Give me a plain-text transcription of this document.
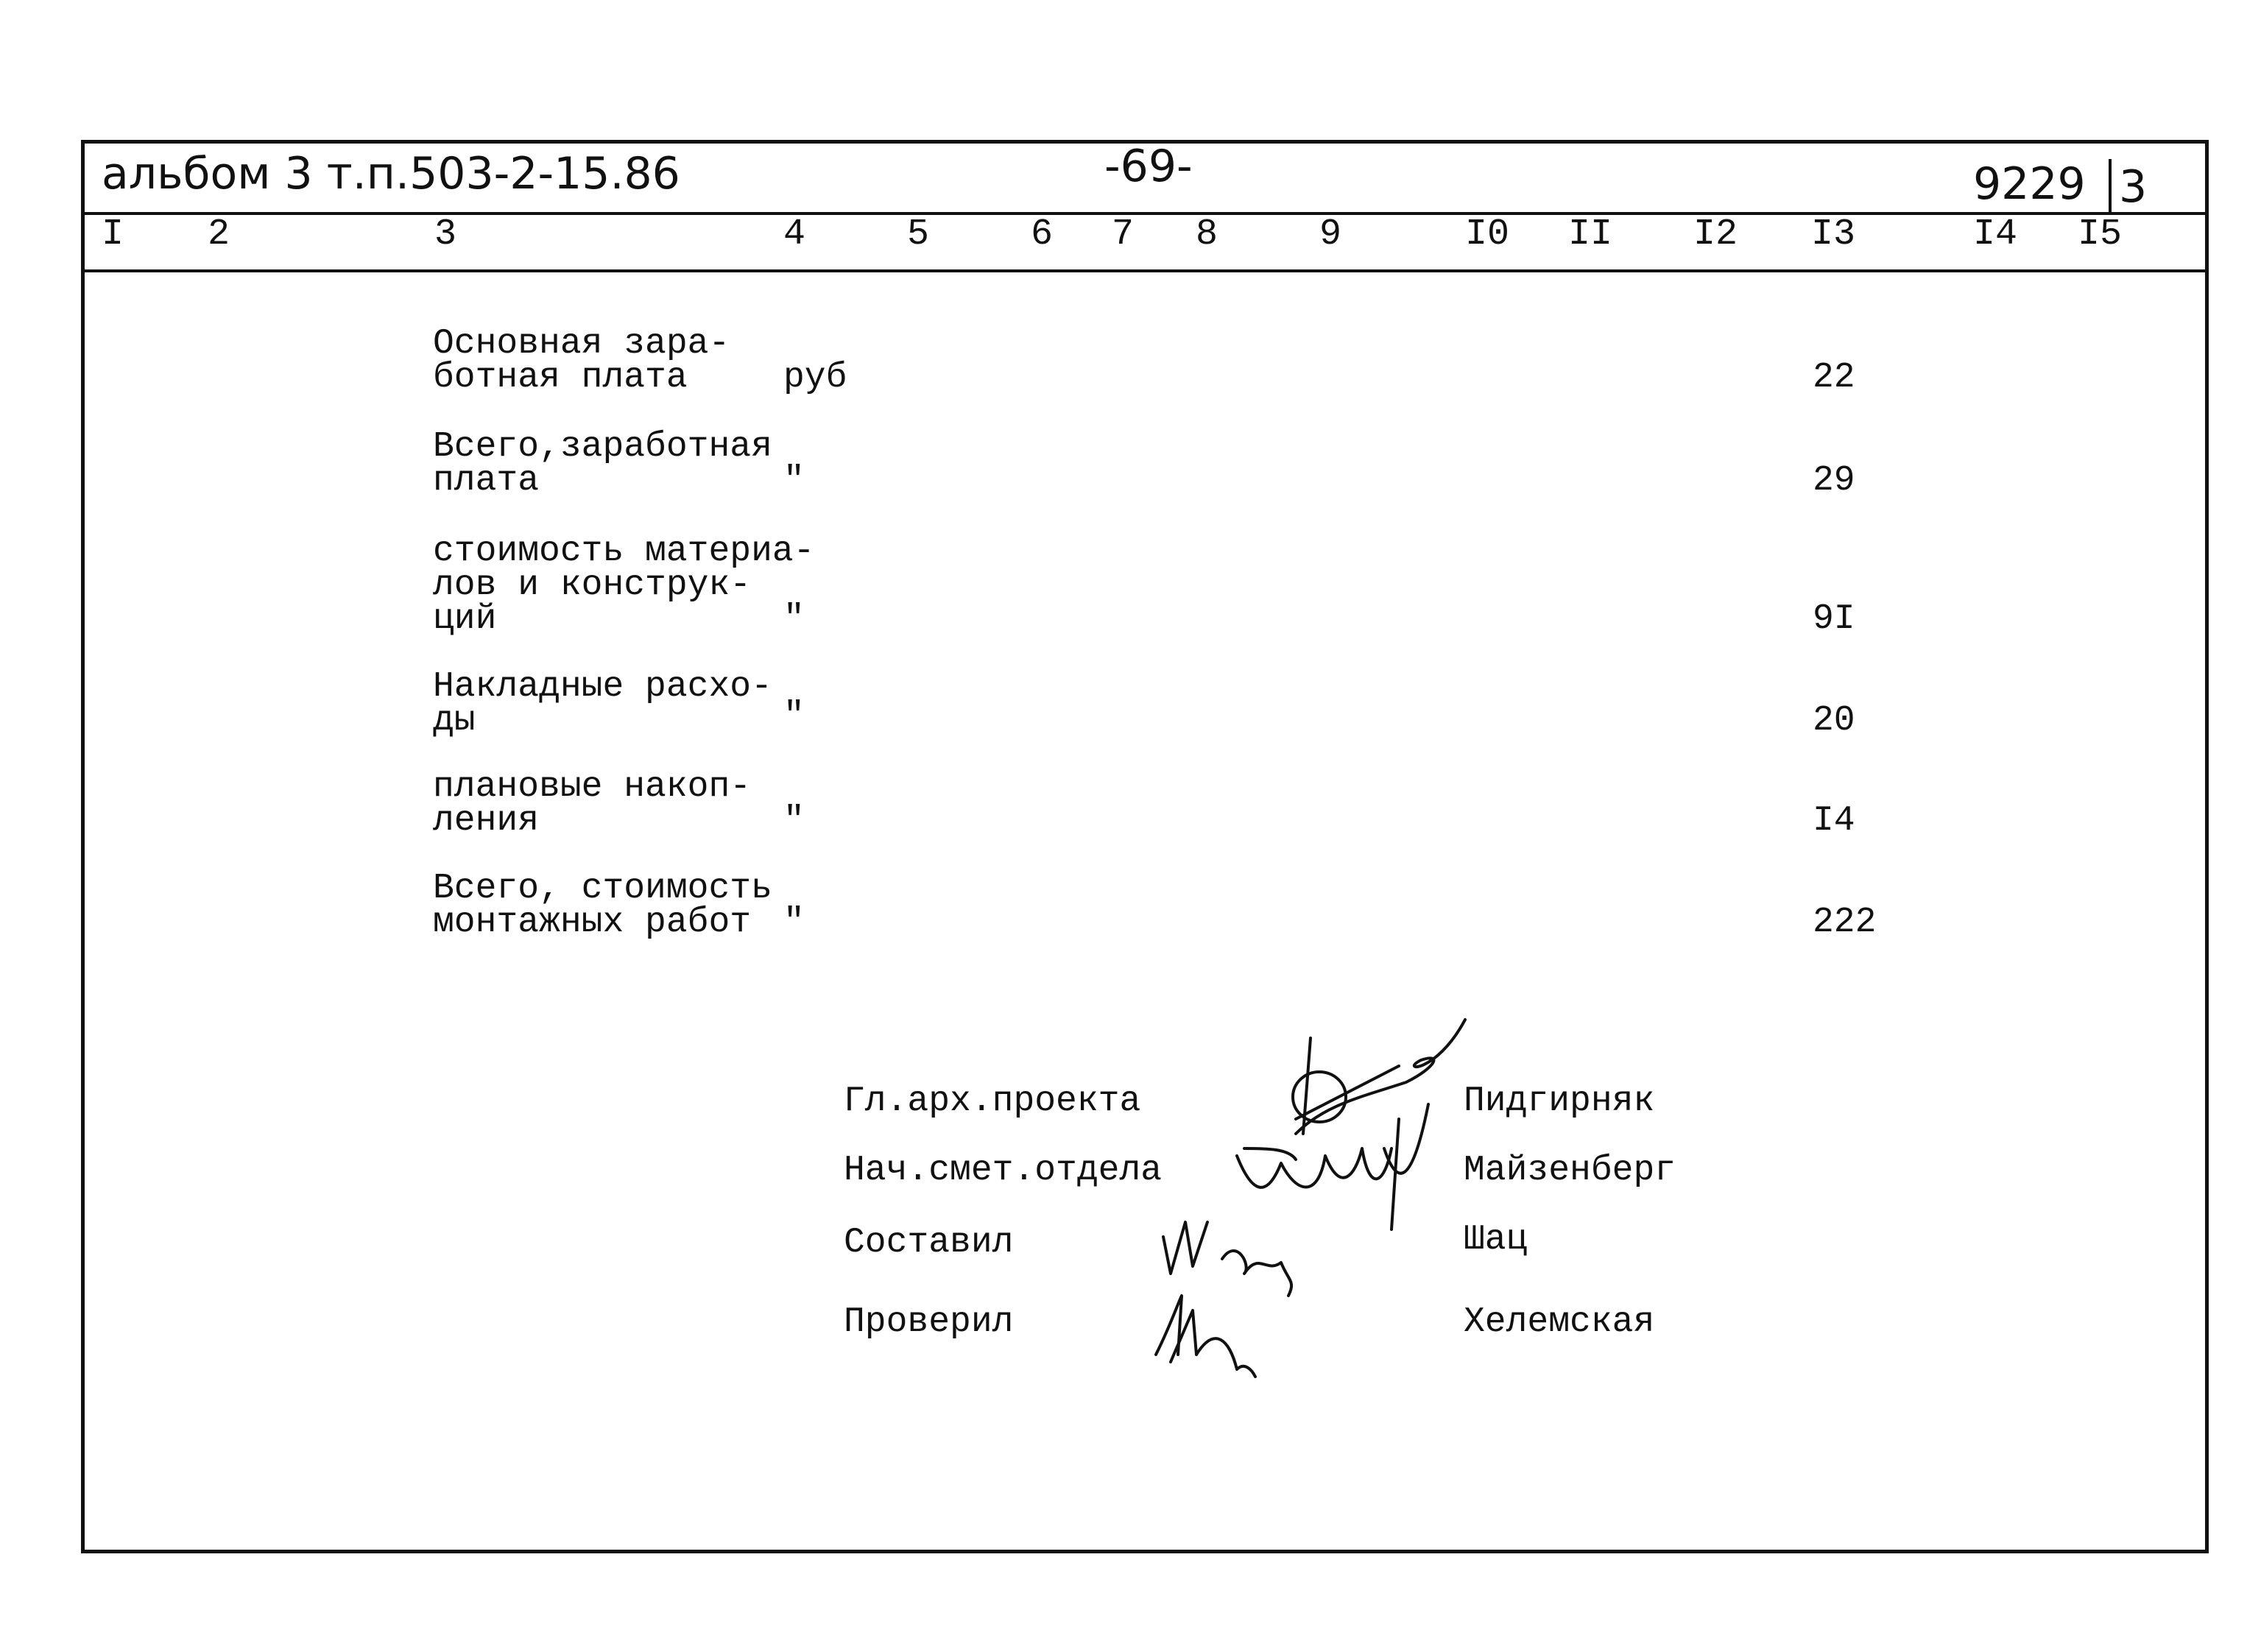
альбом 3 т.п.503-2-15.86	-69-	9229 3
I 2	3	4	5	6 7 8	9	I0 II I2 I3	I4 I5
Основная зара-
ботная плата	руб	22
Всего,заработная
плата	"	29
стоимость материа-
лов и конструк-
ций	"	9I
Накладные расхо-
ды	"	20
плановые накоп-
ления	"	I4
Всего, стоимость
монтажных работ "	222
Гл.арх.проекта	Пидгирняк
Нач.смет.отдела	Майзенберг
Составил	Шац
Проверил	Хелемская
